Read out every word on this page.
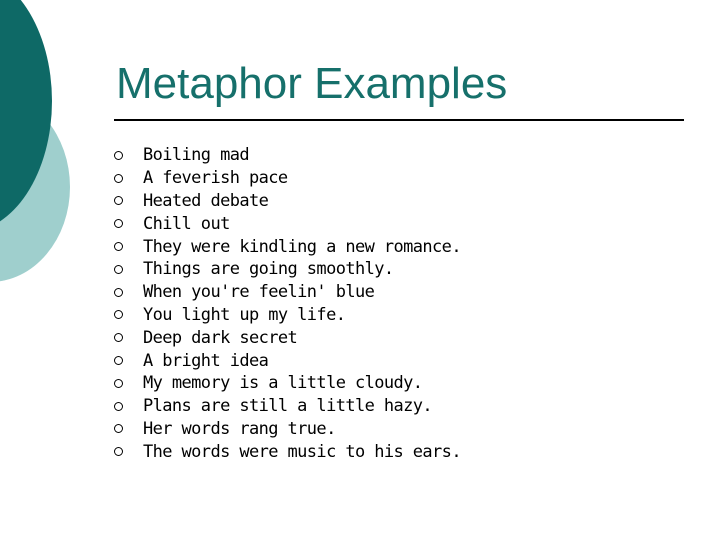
Metaphor Examples
Boiling mad
A feverish pace
Heated debate
Chill out
They were kindling a new romance.
Things are going smoothly.
When you're feelin' blue
You light up my life.
Deep dark secret
A bright idea
My memory is a little cloudy.
Plans are still a little hazy.
Her words rang true.
The words were music to his ears.
